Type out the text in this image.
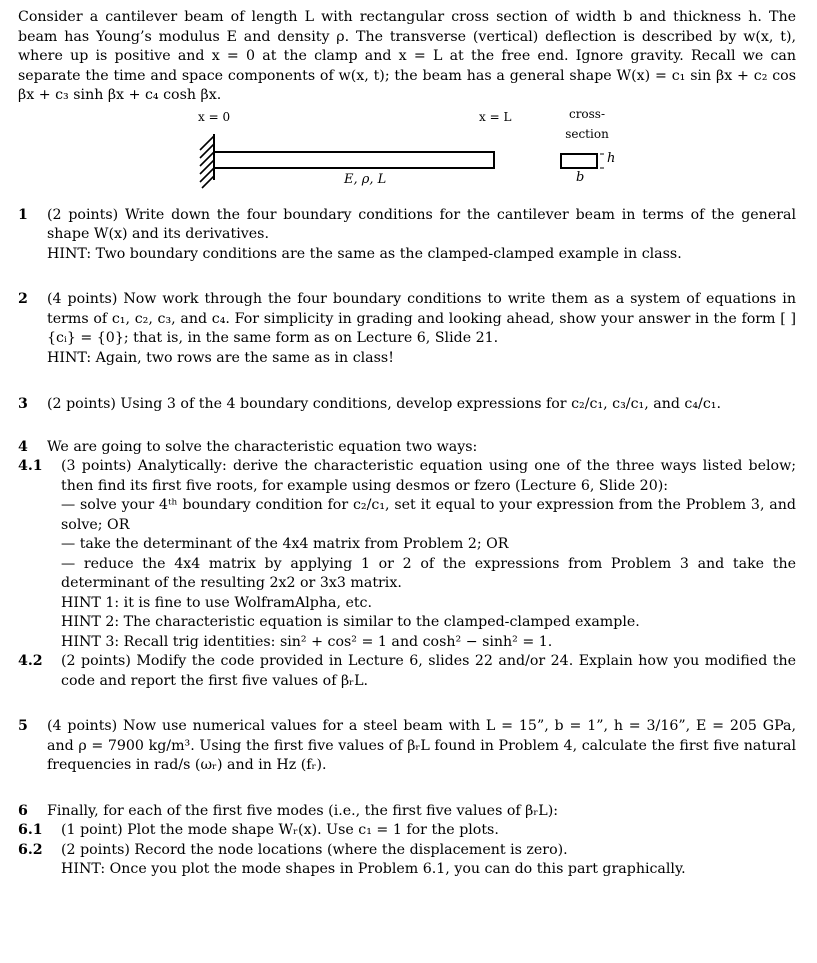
Consider a cantilever beam of length L with rectangular cross section of width b and thickness h. The beam has Young’s modulus E and density ρ. The transverse (vertical) deflection is described by w(x, t), where up is positive and x = 0 at the clamp and x = L at the free end. Ignore gravity. Recall we can separate the time and space components of w(x, t); the beam has a general shape W(x) = c₁ sin βx + c₂ cos βx + c₃ sinh βx + c₄ cosh βx.
x = 0	x = L
E, ρ, L
cross-section
h
b
1 (2 points) Write down the four boundary conditions for the cantilever beam in terms of the general shape W(x) and its derivatives.
HINT: Two boundary conditions are the same as the clamped-clamped example in class.
2 (4 points) Now work through the four boundary conditions to write them as a system of equations in terms of c₁, c₂, c₃, and c₄. For simplicity in grading and looking ahead, show your answer in the form [ ]{cᵢ} = {0}; that is, in the same form as on Lecture 6, Slide 21.
HINT: Again, two rows are the same as in class!
3 (2 points) Using 3 of the 4 boundary conditions, develop expressions for c₂/c₁, c₃/c₁, and c₄/c₁.
4 We are going to solve the characteristic equation two ways:
4.1 (3 points) Analytically: derive the characteristic equation using one of the three ways listed below; then find its first five roots, for example using desmos or fzero (Lecture 6, Slide 20):
— solve your 4ᵗʰ boundary condition for c₂/c₁, set it equal to your expression from the Problem 3, and solve; OR
— take the determinant of the 4x4 matrix from Problem 2; OR
— reduce the 4x4 matrix by applying 1 or 2 of the expressions from Problem 3 and take the determinant of the resulting 2x2 or 3x3 matrix.
HINT 1: it is fine to use WolframAlpha, etc.
HINT 2: The characteristic equation is similar to the clamped-clamped example.
HINT 3: Recall trig identities: sin² + cos² = 1 and cosh² − sinh² = 1.
4.2 (2 points) Modify the code provided in Lecture 6, slides 22 and/or 24. Explain how you modified the code and report the first five values of βᵣL.
5 (4 points) Now use numerical values for a steel beam with L = 15”, b = 1”, h = 3/16”, E = 205 GPa, and ρ = 7900 kg/m³. Using the first five values of βᵣL found in Problem 4, calculate the first five natural frequencies in rad/s (ωᵣ) and in Hz (fᵣ).
6 Finally, for each of the first five modes (i.e., the first five values of βᵣL):
6.1 (1 point) Plot the mode shape Wᵣ(x). Use c₁ = 1 for the plots.
6.2 (2 points) Record the node locations (where the displacement is zero).
HINT: Once you plot the mode shapes in Problem 6.1, you can do this part graphically.
